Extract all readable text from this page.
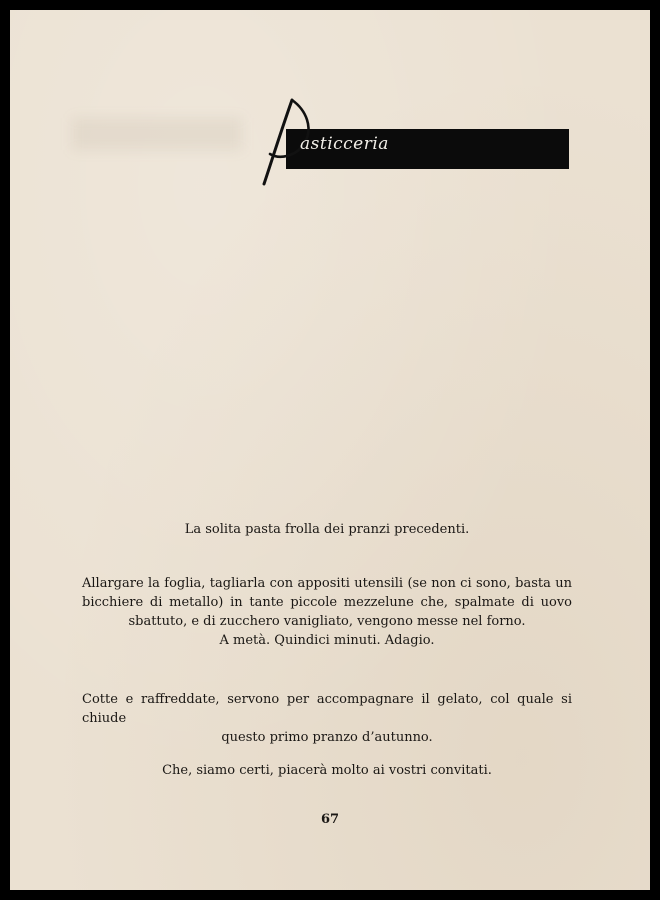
P
asticceria

La solita pasta frolla dei pranzi precedenti.

Allargare la foglia, tagliarla con appositi utensili (se non ci sono, basta un
bicchiere di metallo) in tante piccole mezzelune che, spalmate di uovo
sbattuto, e di zucchero vanigliato, vengono messe nel forno.
A metà. Quindici minuti. Adagio.

Cotte e raffreddate, servono per accompagnare il gelato, col quale si chiude
questo primo pranzo d’autunno.

Che, siamo certi, piacerà molto ai vostri convitati.

67
